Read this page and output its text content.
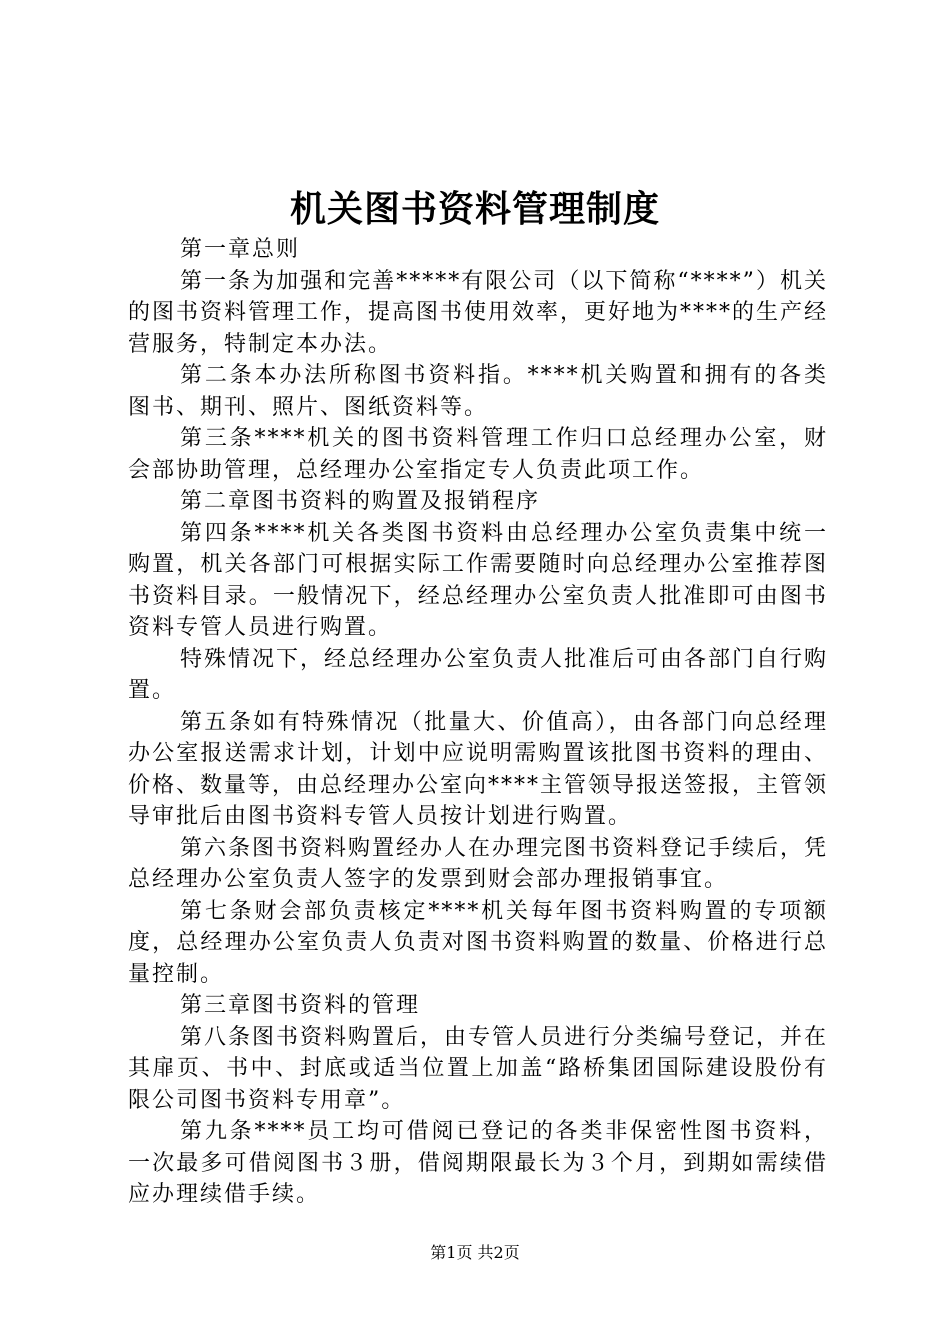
机关图书资料管理制度

第一章总则

第一条为加强和完善*****有限公司（以下简称“****”）机关的图书资料管理工作，提高图书使用效率，更好地为****的生产经营服务，特制定本办法。

第二条本办法所称图书资料指。****机关购置和拥有的各类图书、期刊、照片、图纸资料等。

第三条****机关的图书资料管理工作归口总经理办公室，财会部协助管理，总经理办公室指定专人负责此项工作。

第二章图书资料的购置及报销程序

第四条****机关各类图书资料由总经理办公室负责集中统一购置，机关各部门可根据实际工作需要随时向总经理办公室推荐图书资料目录。一般情况下，经总经理办公室负责人批准即可由图书资料专管人员进行购置。

特殊情况下，经总经理办公室负责人批准后可由各部门自行购置。

第五条如有特殊情况（批量大、价值高），由各部门向总经理办公室报送需求计划，计划中应说明需购置该批图书资料的理由、价格、数量等，由总经理办公室向****主管领导报送签报，主管领导审批后由图书资料专管人员按计划进行购置。

第六条图书资料购置经办人在办理完图书资料登记手续后，凭总经理办公室负责人签字的发票到财会部办理报销事宜。

第七条财会部负责核定****机关每年图书资料购置的专项额度，总经理办公室负责人负责对图书资料购置的数量、价格进行总量控制。

第三章图书资料的管理

第八条图书资料购置后，由专管人员进行分类编号登记，并在其扉页、书中、封底或适当位置上加盖“路桥集团国际建设股份有限公司图书资料专用章”。

第九条****员工均可借阅已登记的各类非保密性图书资料，一次最多可借阅图书３册，借阅期限最长为３个月，到期如需续借应办理续借手续。

第1页 共2页
